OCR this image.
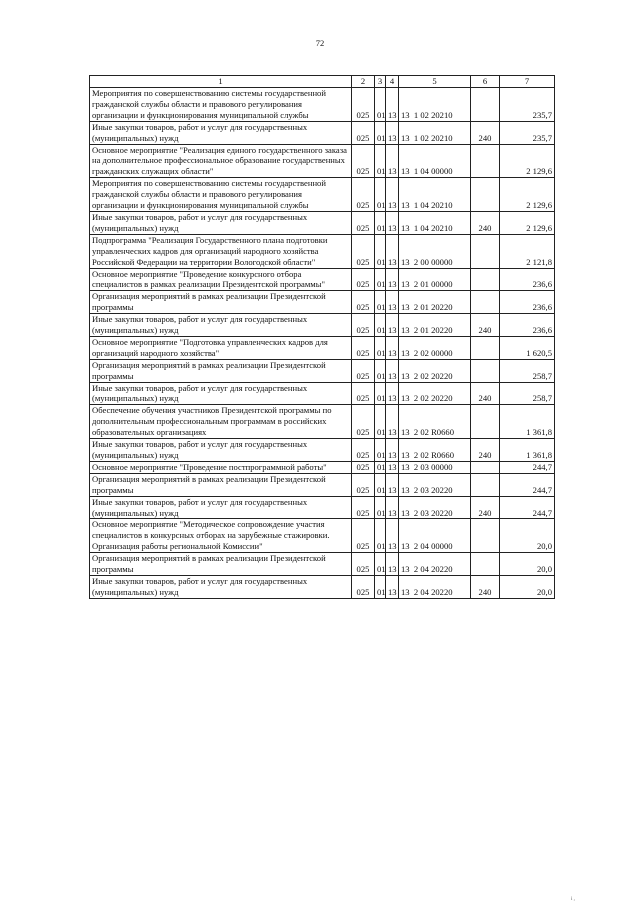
72
1	2	3	4	5	6	7
Мероприятия по совершенствованию системы государственной гражданской службы области и правового регулирования организации и функционирования муниципальной службы	025	01	13	13  1 02 20210		235,7
Иные закупки товаров, работ и услуг для государственных (муниципальных) нужд	025	01	13	13  1 02 20210	240	235,7
Основное мероприятие "Реализация единого государственного заказа на дополнительное профессиональное образование государственных гражданских служащих области"	025	01	13	13  1 04 00000		2 129,6
Мероприятия по совершенствованию системы государственной гражданской службы области и правового регулирования организации и функционирования муниципальной службы	025	01	13	13  1 04 20210		2 129,6
Иные закупки товаров, работ и услуг для государственных (муниципальных) нужд	025	01	13	13  1 04 20210	240	2 129,6
Подпрограмма "Реализация Государственного плана подготовки управленческих кадров для организаций народного хозяйства Российской Федерации на территории Вологодской области"	025	01	13	13  2 00 00000		2 121,8
Основное мероприятие "Проведение конкурсного отбора специалистов в рамках реализации Президентской программы"	025	01	13	13  2 01 00000		236,6
Организация мероприятий в рамках реализации Президентской программы	025	01	13	13  2 01 20220		236,6
Иные закупки товаров, работ и услуг для государственных (муниципальных) нужд	025	01	13	13  2 01 20220	240	236,6
Основное мероприятие "Подготовка управленческих кадров для организаций народного хозяйства"	025	01	13	13  2 02 00000		1 620,5
Организация мероприятий в рамках реализации Президентской программы	025	01	13	13  2 02 20220		258,7
Иные закупки товаров, работ и услуг для государственных (муниципальных) нужд	025	01	13	13  2 02 20220	240	258,7
Обеспечение обучения участников Президентской программы по дополнительным профессиональным программам в российских образовательных организациях	025	01	13	13  2 02 R0660		1 361,8
Иные закупки товаров, работ и услуг для государственных (муниципальных) нужд	025	01	13	13  2 02 R0660	240	1 361,8
Основное мероприятие "Проведение постпрограммной работы"	025	01	13	13  2 03 00000		244,7
Организация мероприятий в рамках реализации Президентской программы	025	01	13	13  2 03 20220		244,7
Иные закупки товаров, работ и услуг для государственных (муниципальных) нужд	025	01	13	13  2 03 20220	240	244,7
Основное мероприятие "Методическое сопровождение участия специалистов в конкурсных отборах на зарубежные стажировки. Организация работы региональной Комиссии"	025	01	13	13  2 04 00000		20,0
Организация мероприятий в рамках реализации Президентской программы	025	01	13	13  2 04 20220		20,0
Иные закупки товаров, работ и услуг для государственных (муниципальных) нужд	025	01	13	13  2 04 20220	240	20,0
i ,
